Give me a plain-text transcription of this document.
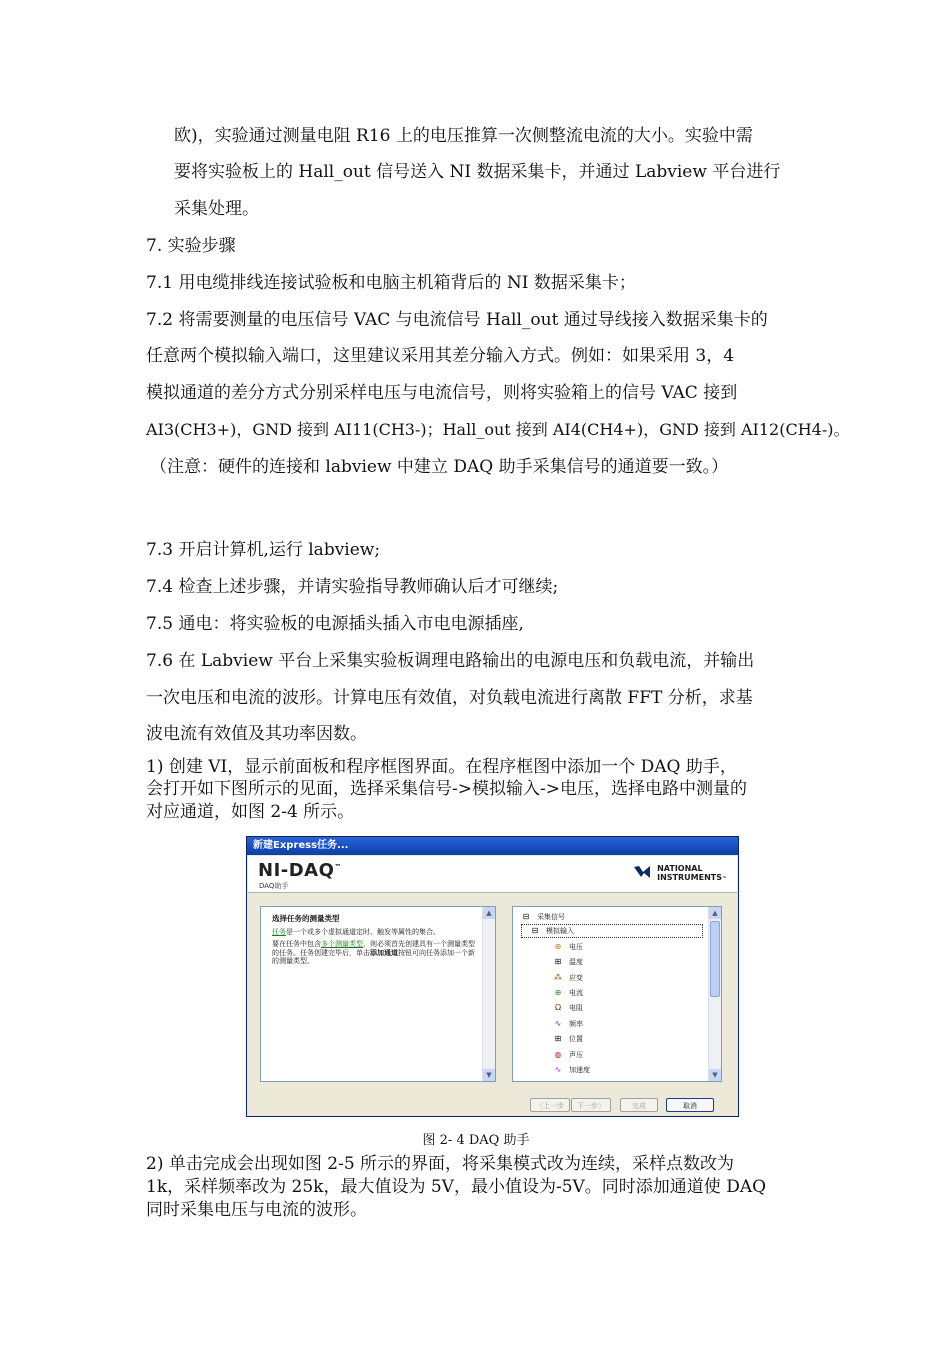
欧)，实验通过测量电阻 R16 上的电压推算一次侧整流电流的大小。实验中需
要将实验板上的 Hall_out 信号送入 NI 数据采集卡，并通过 Labview 平台进行
采集处理。
7. 实验步骤
7.1 用电缆排线连接试验板和电脑主机箱背后的 NI 数据采集卡；
7.2 将需要测量的电压信号 VAC 与电流信号 Hall_out 通过导线接入数据采集卡的
任意两个模拟输入端口，这里建议采用其差分输入方式。例如：如果采用 3，4
模拟通道的差分方式分别采样电压与电流信号，则将实验箱上的信号 VAC 接到
AI3(CH3+)，GND 接到 AI11(CH3-)；Hall_out 接到 AI4(CH4+)，GND 接到 AI12(CH4-)。
（注意：硬件的连接和 labview 中建立 DAQ 助手采集信号的通道要一致。）
7.3 开启计算机,运行 labview;
7.4 检查上述步骤，并请实验指导教师确认后才可继续;
7.5 通电：将实验板的电源插头插入市电电源插座,
7.6 在 Labview 平台上采集实验板调理电路输出的电源电压和负载电流，并输出
一次电压和电流的波形。计算电压有效值，对负载电流进行离散 FFT 分析，求基
波电流有效值及其功率因数。
1) 创建 VI，显示前面板和程序框图界面。在程序框图中添加一个 DAQ 助手，
会打开如下图所示的见面，选择采集信号->模拟输入->电压，选择电路中测量的
对应通道，如图 2-4 所示。
新建Express任务...
NI-DAQ™
DAQ助手
NATIONAL
INSTRUMENTS™
选择任务的测量类型
任务是一个或多个虚拟通道定时、触发等属性的集合。
要在任务中包含多个测量类型，则必须首先创建具有一个测量类型的任务。任务创建完毕后，单击添加通道按钮可向任务添加一个新的测量类型。
▲
▼
⊟ 采集信号
⊟ 模拟输入
⊕ 电压
⊞ 温度
⁂ 应变
⊕ 电流
Ω 电阻
∿ 频率
⊞ 位置
◍ 声压
∿ 加速度
▲
▼
〈上一步	下一步〉	完成	取消
图 2- 4 DAQ 助手
2) 单击完成会出现如图 2-5 所示的界面，将采集模式改为连续，采样点数改为
1k，采样频率改为 25k，最大值设为 5V，最小值设为-5V。同时添加通道使 DAQ
同时采集电压与电流的波形。
